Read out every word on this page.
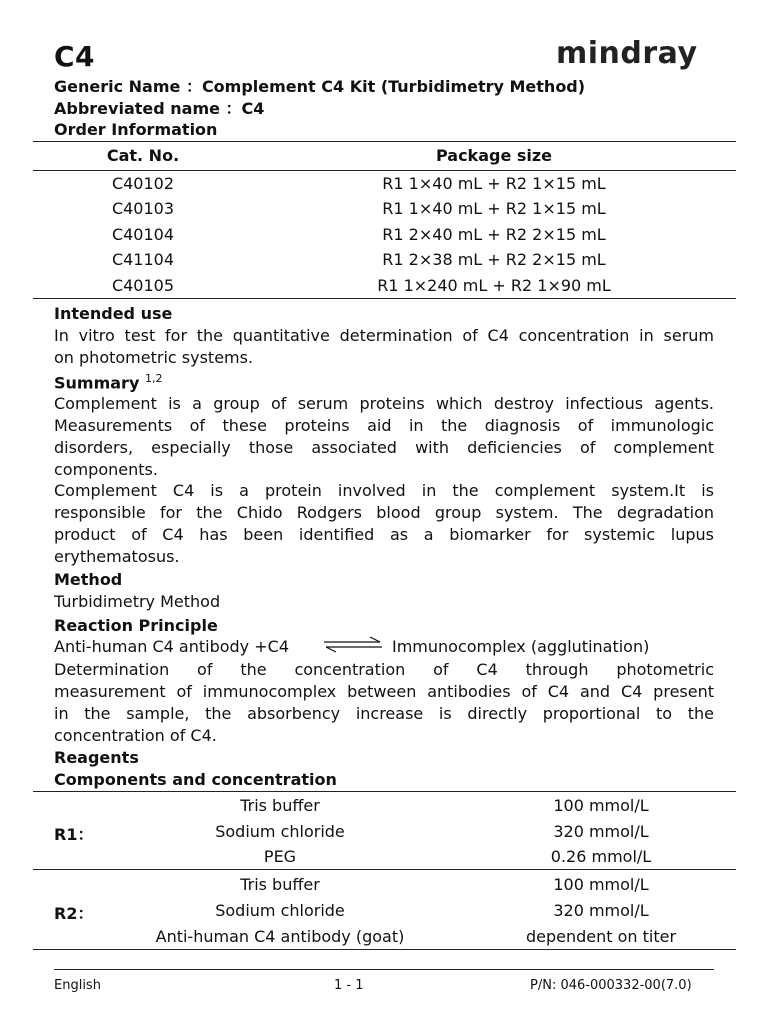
C4	mindray
Generic Name ：Complement C4 Kit (Turbidimetry Method)
Abbreviated name ：C4
Order Information
Cat. No.	Package size
C40102	R1 1×40 mL + R2 1×15 mL
C40103	R1 1×40 mL + R2 1×15 mL
C40104	R1 2×40 mL + R2 2×15 mL
C41104	R1 2×38 mL + R2 2×15 mL
C40105	R1 1×240 mL + R2 1×90 mL
Intended use
In vitro test for the quantitative determination of C4 concentration in serum
on photometric systems.
Summary $^{1,2}$
Complement is a group of serum proteins which destroy infectious agents.
Measurements of these proteins aid in the diagnosis of immunologic
disorders, especially those associated with deficiencies of complement
components.
Complement C4 is a protein involved in the complement system.It is
responsible for the Chido Rodgers blood group system. The degradation
product of C4 has been identified as a biomarker for systemic lupus
erythematosus.
Method
Turbidimetry Method
Reaction Principle
Anti-human C4 antibody +C4 ⇌ Immunocomplex (agglutination)
Determination of the concentration of C4 through photometric
measurement of immunocomplex between antibodies of C4 and C4 present
in the sample, the absorbency increase is directly proportional to the
concentration of C4.
Reagents
Components and concentration
R1：
Tris buffer	100 mmol/L
Sodium chloride	320 mmol/L
PEG	0.26 mmol/L
R2：
Tris buffer	100 mmol/L
Sodium chloride	320 mmol/L
Anti-human C4 antibody (goat)	dependent on titer
English	1 - 1	P/N: 046-000332-00(7.0)
